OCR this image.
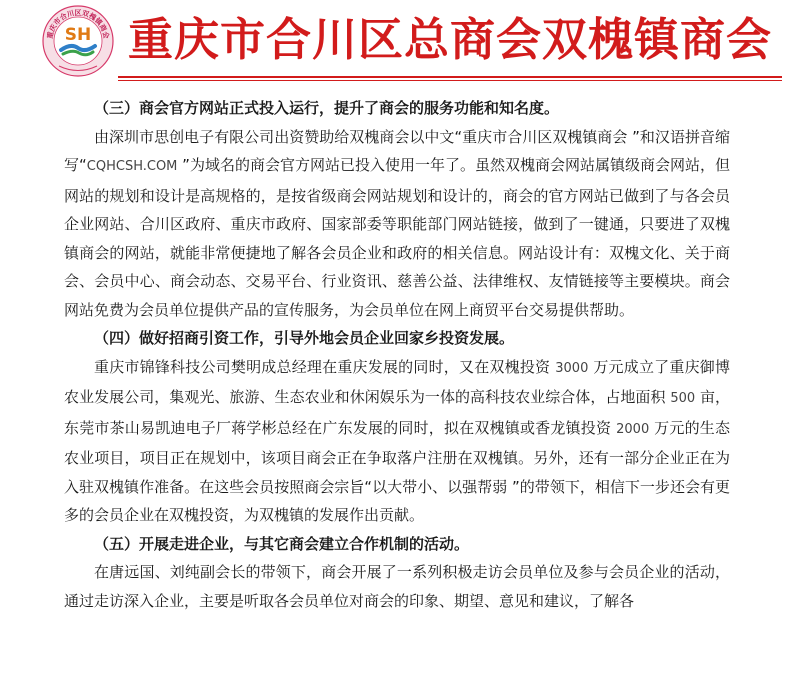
重庆市合川区双槐镇商会
SH 重庆市合川区总商会双槐镇商会

（三）商会官方网站正式投入运行，提升了商会的服务功能和知名度。

由深圳市思创电子有限公司出资赞助给双槐商会以中文“重庆市合川区双槐镇商会 ”和汉语拼音缩写“CQHCSH.COM ”为域名的商会官方网站已投入使用一年了。虽然双槐商会网站属镇级商会网站，但网站的规划和设计是高规格的，是按省级商会网站规划和设计的，商会的官方网站已做到了与各会员企业网站、合川区政府、重庆市政府、国家部委等职能部门网站链接，做到了一键通，只要进了双槐镇商会的网站，就能非常便捷地了解各会员企业和政府的相关信息。网站设计有：双槐文化、关于商会、会员中心、商会动态、交易平台、行业资讯、慈善公益、法律维权、友情链接等主要模块。商会网站免费为会员单位提供产品的宣传服务，为会员单位在网上商贸平台交易提供帮助。

（四）做好招商引资工作，引导外地会员企业回家乡投资发展。

重庆市锦锋科技公司樊明成总经理在重庆发展的同时，又在双槐投资 3000 万元成立了重庆御博农业发展公司，集观光、旅游、生态农业和休闲娱乐为一体的高科技农业综合体，占地面积 500 亩，东莞市茶山易凯迪电子厂蒋学彬总经在广东发展的同时，拟在双槐镇或香龙镇投资 2000 万元的生态农业项目，项目正在规划中，该项目商会正在争取落户注册在双槐镇。另外，还有一部分企业正在为入驻双槐镇作准备。在这些会员按照商会宗旨“以大带小、以强帮弱 ”的带领下，相信下一步还会有更多的会员企业在双槐投资，为双槐镇的发展作出贡献。

（五）开展走进企业，与其它商会建立合作机制的活动。

在唐远国、刘纯副会长的带领下，商会开展了一系列积极走访会员单位及参与会员企业的活动，通过走访深入企业，主要是听取各会员单位对商会的印象、期望、意见和建议，了解各
